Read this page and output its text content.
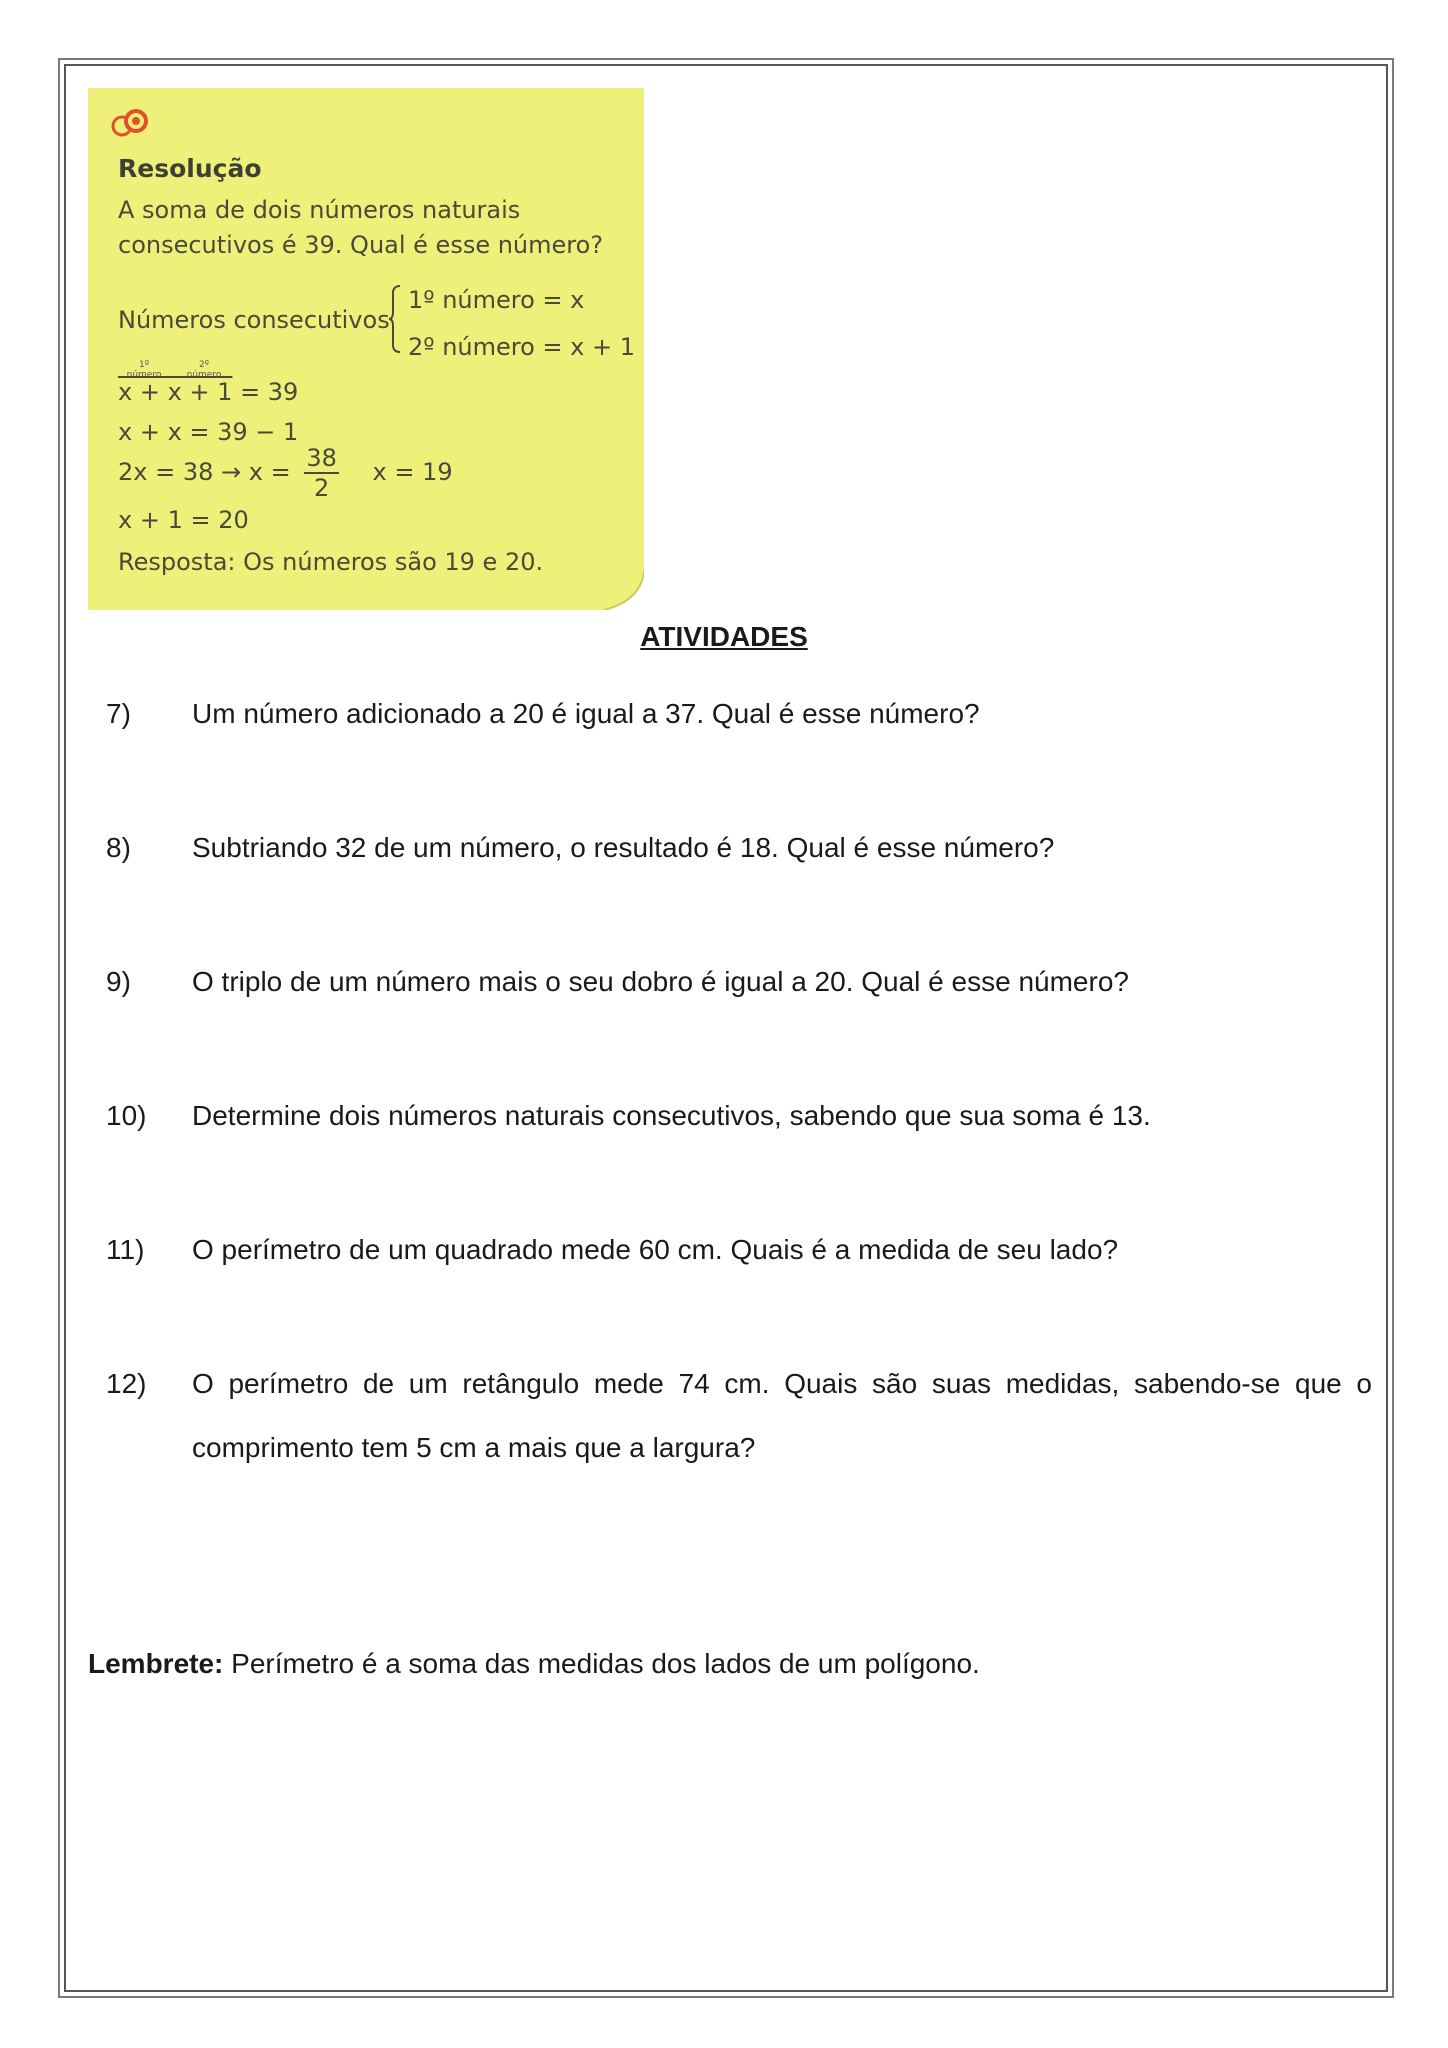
Resolução
A soma de dois números naturais
consecutivos é 39. Qual é esse número?
Números consecutivos
1º número = x
2º número = x + 1
1º
número
2º
número
x + x + 1 = 39
x + x = 39 − 1
$2x = 38 \to x = \frac{38}{2}$ x = 19
x + 1 = 20
Resposta: Os números são 19 e 20.
ATIVIDADES
7)	Um número adicionado a 20 é igual a 37. Qual é esse número?
8)	Subtriando 32 de um número, o resultado é 18. Qual é esse número?
9)	O triplo de um número mais o seu dobro é igual a 20. Qual é esse número?
10)	Determine dois números naturais consecutivos, sabendo que sua soma é 13.
11)	O perímetro de um quadrado mede 60 cm. Quais é a medida de seu lado?
12)	O perímetro de um retângulo mede 74 cm. Quais são suas medidas, sabendo-se que o
comprimento tem 5 cm a mais que a largura?
Lembrete: Perímetro é a soma das medidas dos lados de um polígono.
